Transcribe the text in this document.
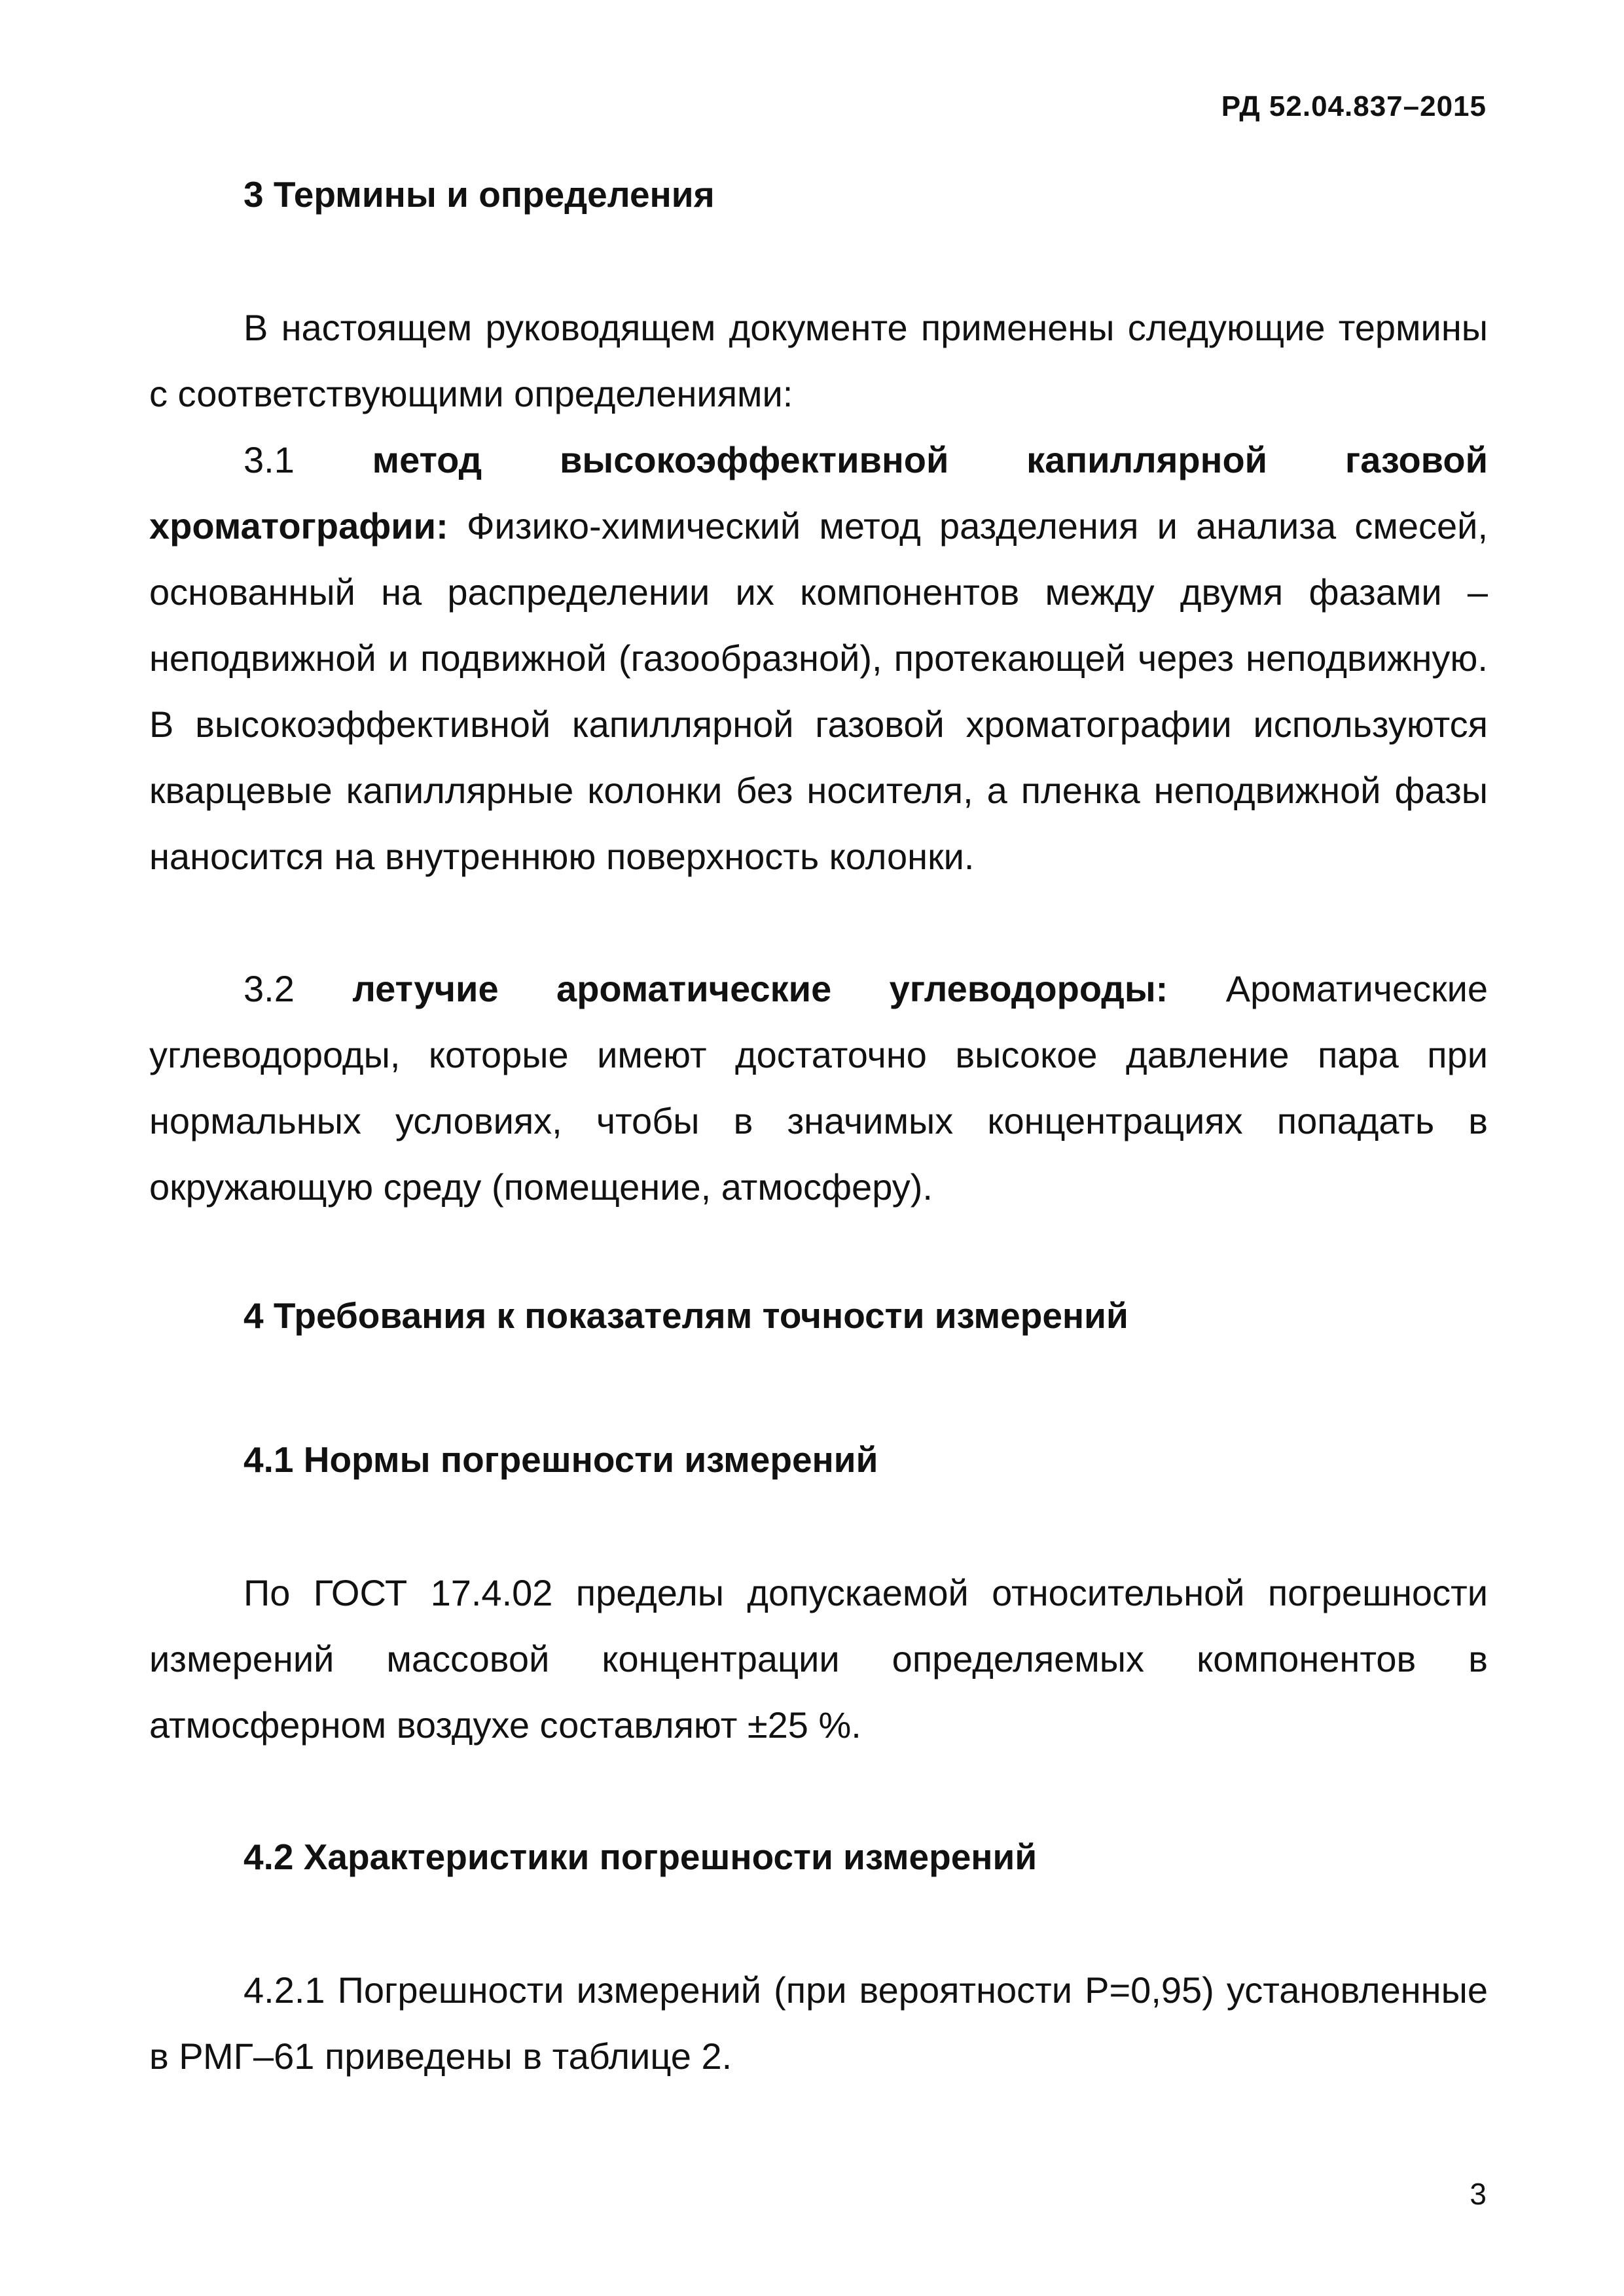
РД 52.04.837–2015
3 Термины и определения
В настоящем руководящем документе применены следующие термины с соответствующими определениями:
3.1 метод высокоэффективной капиллярной газовой хроматографии: Физико-химический метод разделения и анализа смесей, основанный на распределении их компонентов между двумя фазами – неподвижной и подвижной (газообразной), протекающей через неподвижную. В высокоэффективной капиллярной газовой хроматографии используются кварцевые капиллярные колонки без носителя, а пленка неподвижной фазы наносится на внутреннюю поверхность колонки.
3.2 летучие ароматические углеводороды: Ароматические углеводороды, которые имеют достаточно высокое давление пара при нормальных условиях, чтобы в значимых концентрациях попадать в окружающую среду (помещение, атмосферу).
4 Требования к показателям точности измерений
4.1 Нормы погрешности измерений
По ГОСТ 17.4.02 пределы допускаемой относительной погрешности измерений массовой концентрации определяемых компонентов в атмосферном воздухе составляют ±25 %.
4.2 Характеристики погрешности измерений
4.2.1 Погрешности измерений (при вероятности Р=0,95) установленные в РМГ–61 приведены в таблице 2.
3
